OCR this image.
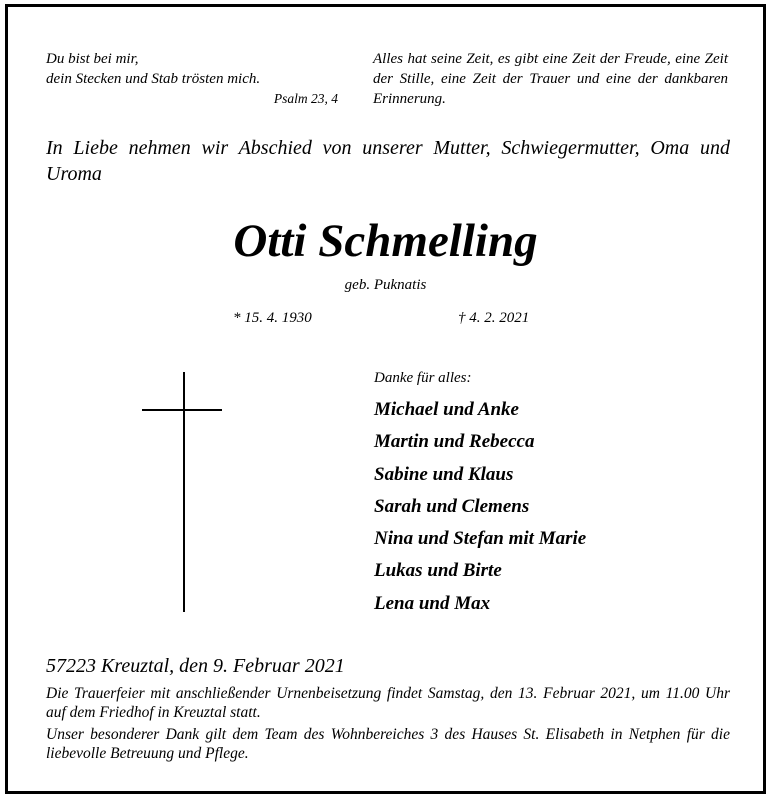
Du bist bei mir,
dein Stecken und Stab trösten mich.
Psalm 23, 4
Alles hat seine Zeit, es gibt eine Zeit der Freude, eine Zeit der Stille, eine Zeit der Trauer und eine der dankbaren Erinnerung.
In Liebe nehmen wir Abschied von unserer Mutter, Schwiegermutter, Oma und Uroma
Otti Schmelling
geb. Puknatis
* 15. 4. 1930	† 4. 2. 2021
Danke für alles:
Michael und Anke
Martin und Rebecca
Sabine und Klaus
Sarah und Clemens
Nina und Stefan mit Marie
Lukas und Birte
Lena und Max
57223 Kreuztal, den 9. Februar 2021
Die Trauerfeier mit anschließender Urnenbeisetzung findet Samstag, den 13. Februar 2021, um 11.00 Uhr auf dem Friedhof in Kreuztal statt.
Unser besonderer Dank gilt dem Team des Wohnbereiches 3 des Hauses St. Elisabeth in Netphen für die liebevolle Betreuung und Pflege.
